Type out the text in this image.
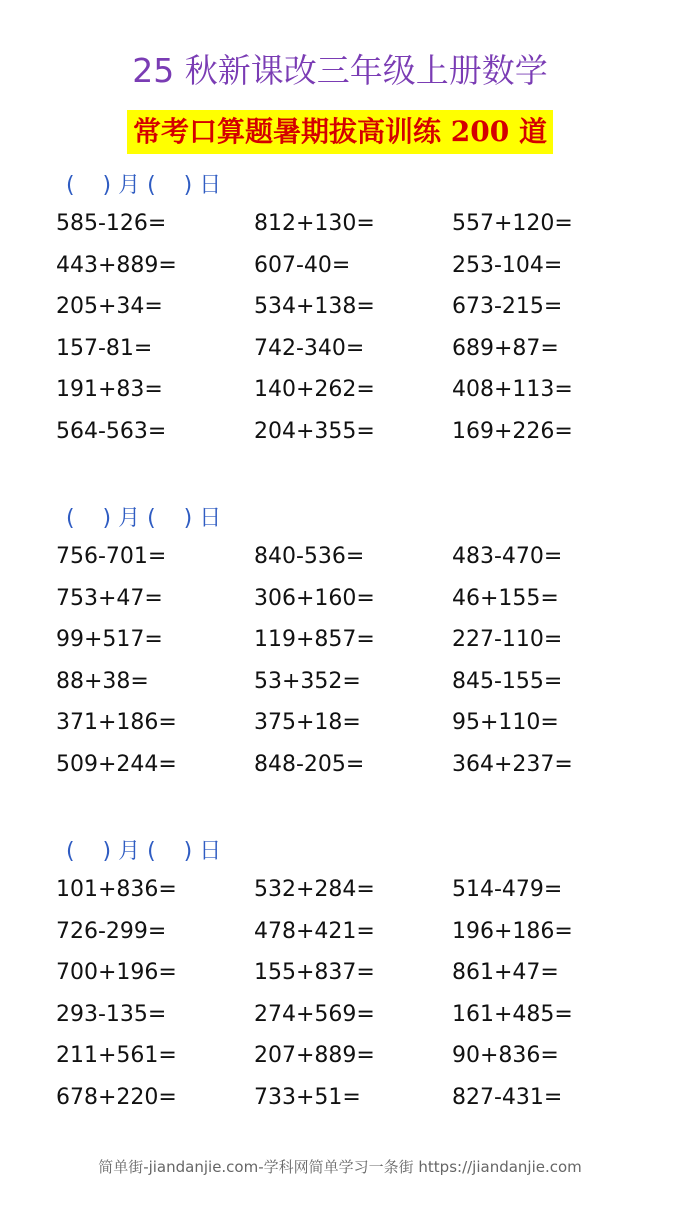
25 秋新课改三年级上册数学
常考口算题暑期拔高训练 200 道
(    ) 月 (    ) 日
585-126=	812+130=	557+120=
443+889=	607-40=	253-104=
205+34=	534+138=	673-215=
157-81=	742-340=	689+87=
191+83=	140+262=	408+113=
564-563=	204+355=	169+226=
(    ) 月 (    ) 日
756-701=	840-536=	483-470=
753+47=	306+160=	46+155=
99+517=	119+857=	227-110=
88+38=	53+352=	845-155=
371+186=	375+18=	95+110=
509+244=	848-205=	364+237=
(    ) 月 (    ) 日
101+836=	532+284=	514-479=
726-299=	478+421=	196+186=
700+196=	155+837=	861+47=
293-135=	274+569=	161+485=
211+561=	207+889=	90+836=
678+220=	733+51=	827-431=
简单街-jiandanjie.com-学科网简单学习一条街 https://jiandanjie.com
